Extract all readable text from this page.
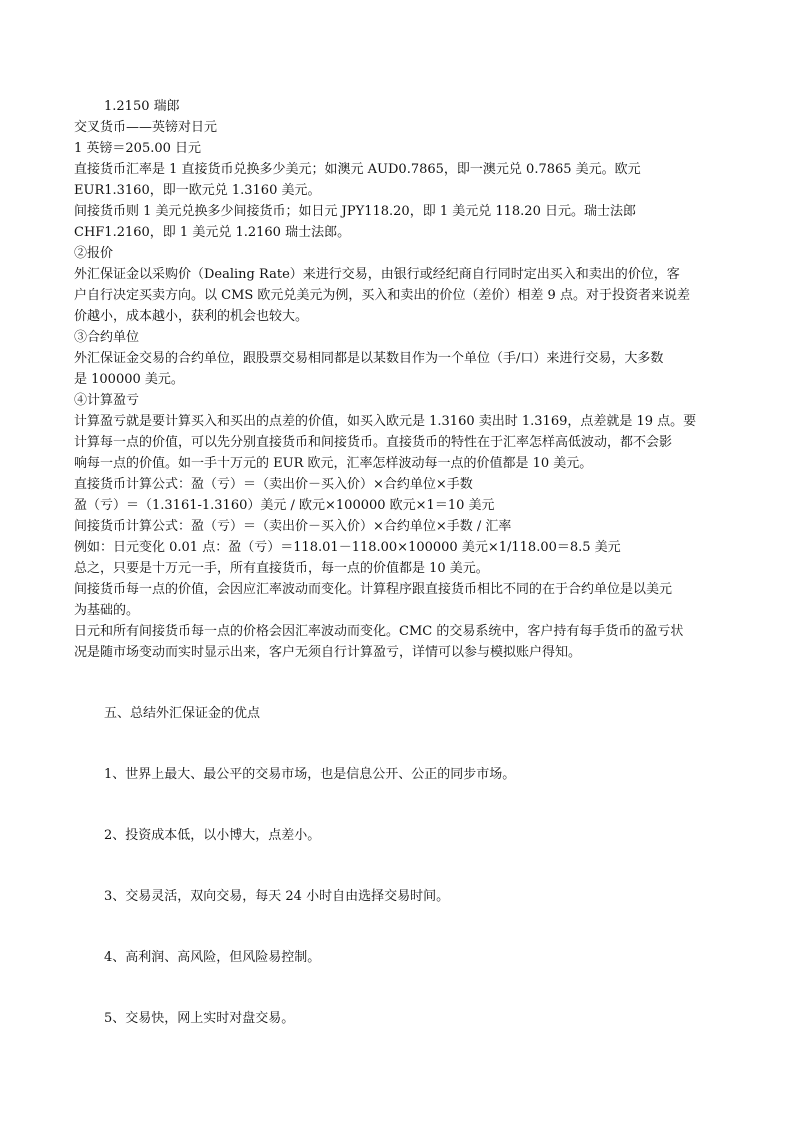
1.2150 瑞郎
交叉货币——英镑对日元
1 英镑＝205.00 日元
直接货币汇率是 1 直接货币兑换多少美元；如澳元 AUD0.7865，即一澳元兑 0.7865 美元。欧元
EUR1.3160，即一欧元兑 1.3160 美元。
间接货币则 1 美元兑换多少间接货币；如日元 JPY118.20，即 1 美元兑 118.20 日元。瑞士法郎
CHF1.2160，即 1 美元兑 1.2160 瑞士法郎。
②报价
外汇保证金以采购价（Dealing Rate）来进行交易，由银行或经纪商自行同时定出买入和卖出的价位，客
户自行决定买卖方向。以 CMS 欧元兑美元为例，买入和卖出的价位（差价）相差 9 点。对于投资者来说差
价越小，成本越小，获利的机会也较大。
③合约单位
外汇保证金交易的合约单位，跟股票交易相同都是以某数目作为一个单位（手/口）来进行交易，大多数
是 100000 美元。
④计算盈亏
计算盈亏就是要计算买入和买出的点差的价值，如买入欧元是 1.3160 卖出时 1.3169，点差就是 19 点。要
计算每一点的价值，可以先分别直接货币和间接货币。直接货币的特性在于汇率怎样高低波动，都不会影
响每一点的价值。如一手十万元的 EUR 欧元，汇率怎样波动每一点的价值都是 10 美元。
直接货币计算公式：盈（亏）＝（卖出价－买入价）×合约单位×手数
盈（亏）＝（1.3161-1.3160）美元 / 欧元×100000 欧元×1＝10 美元
间接货币计算公式：盈（亏）＝（卖出价－买入价）×合约单位×手数 / 汇率
例如：日元变化 0.01 点：盈（亏）＝118.01－118.00×100000 美元×1/118.00＝8.5 美元
总之，只要是十万元一手，所有直接货币，每一点的价值都是 10 美元。
间接货币每一点的价值，会因应汇率波动而变化。计算程序跟直接货币相比不同的在于合约单位是以美元
为基础的。
日元和所有间接货币每一点的价格会因汇率波动而变化。CMC 的交易系统中，客户持有每手货币的盈亏状
况是随市场变动而实时显示出来，客户无须自行计算盈亏，详情可以参与模拟账户得知。
五、总结外汇保证金的优点
1、世界上最大、最公平的交易市场，也是信息公开、公正的同步市场。
2、投资成本低，以小博大，点差小。
3、交易灵活，双向交易，每天 24 小时自由选择交易时间。
4、高利润、高风险，但风险易控制。
5、交易快，网上实时对盘交易。
